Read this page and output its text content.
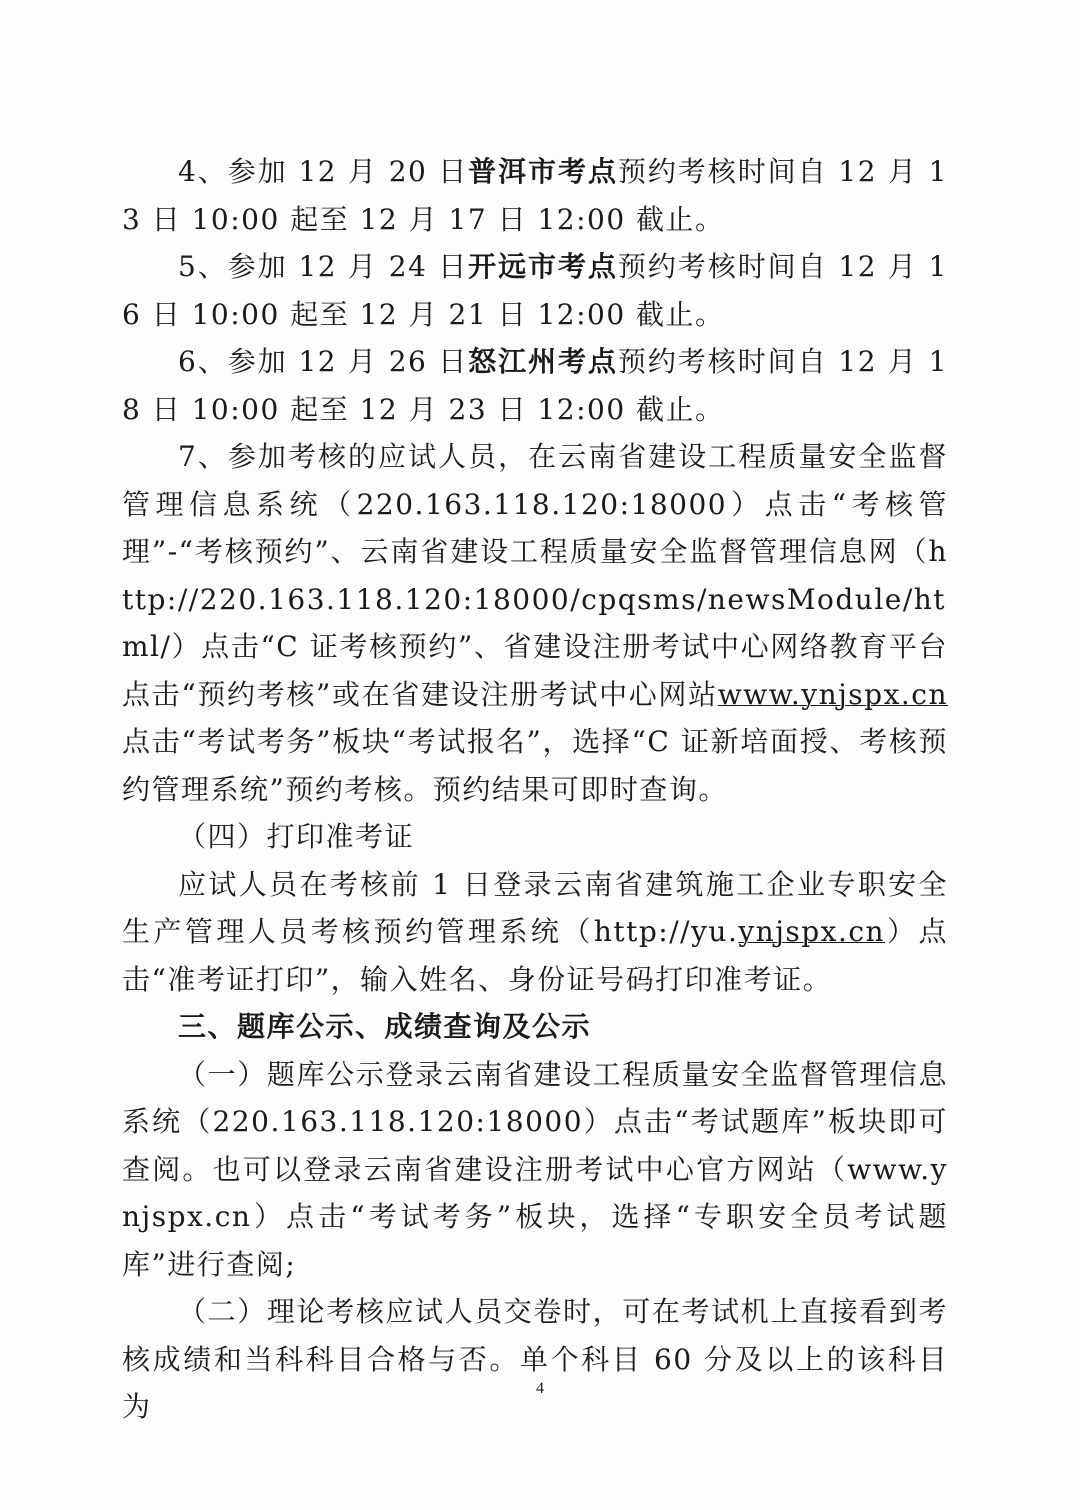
4、参加 12 月 20 日普洱市考点预约考核时间自 12 月 13 日 10:00 起至 12 月 17 日 12:00 截止。

5、参加 12 月 24 日开远市考点预约考核时间自 12 月 16 日 10:00 起至 12 月 21 日 12:00 截止。

6、参加 12 月 26 日怒江州考点预约考核时间自 12 月 18 日 10:00 起至 12 月 23 日 12:00 截止。

7、参加考核的应试人员，在云南省建设工程质量安全监督管理信息系统（220.163.118.120:18000）点击“考核管理”-“考核预约”、云南省建设工程质量安全监督管理信息网（http://220.163.118.120:18000/cpqsms/newsModule/html/）点击“C 证考核预约”、省建设注册考试中心网络教育平台点击“预约考核”或在省建设注册考试中心网站www.ynjspx.cn点击“考试考务”板块“考试报名”，选择“C 证新培面授、考核预约管理系统”预约考核。预约结果可即时查询。

（四）打印准考证

应试人员在考核前 1 日登录云南省建筑施工企业专职安全生产管理人员考核预约管理系统（http://yu.ynjspx.cn）点击“准考证打印”，输入姓名、身份证号码打印准考证。

三、题库公示、成绩查询及公示

（一）题库公示登录云南省建设工程质量安全监督管理信息系统（220.163.118.120:18000）点击“考试题库”板块即可查阅。也可以登录云南省建设注册考试中心官方网站（www.ynjspx.cn）点击“考试考务”板块，选择“专职安全员考试题库”进行查阅;

（二）理论考核应试人员交卷时，可在考试机上直接看到考核成绩和当科科目合格与否。单个科目 60 分及以上的该科目为

4
